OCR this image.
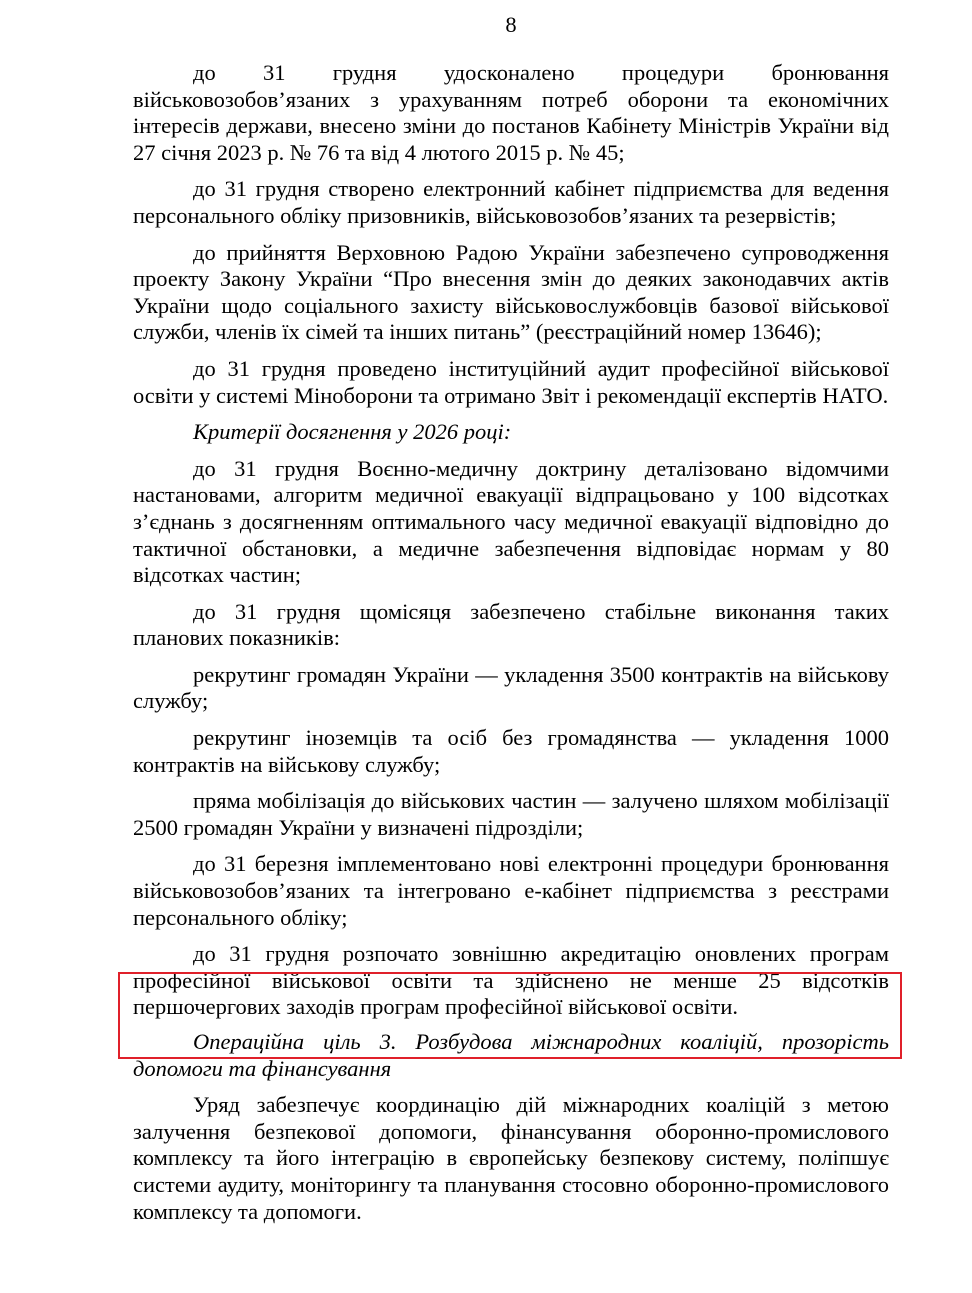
8

до 31 грудня удосконалено процедури бронювання військовозобов’язаних з урахуванням потреб оборони та економічних інтересів держави, внесено зміни до постанов Кабінету Міністрів України від 27 січня 2023 р. № 76 та від 4 лютого 2015 р. № 45;

до 31 грудня створено електронний кабінет підприємства для ведення персонального обліку призовників, військовозобов’язаних та резервістів;

до прийняття Верховною Радою України забезпечено супроводження проекту Закону України “Про внесення змін до деяких законодавчих актів України щодо соціального захисту військовослужбовців базової військової служби, членів їх сімей та інших питань” (реєстраційний номер 13646);

до 31 грудня проведено інституційний аудит професійної військової освіти у системі Міноборони та отримано Звіт і рекомендації експертів НАТО.

Критерії досягнення у 2026 році:

до 31 грудня Воєнно-медичну доктрину деталізовано відомчими настановами, алгоритм медичної евакуації відпрацьовано у 100 відсотках з’єднань з досягненням оптимального часу медичної евакуації відповідно до тактичної обстановки, а медичне забезпечення відповідає нормам у 80 відсотках частин;

до 31 грудня щомісяця забезпечено стабільне виконання таких планових показників:

рекрутинг громадян України — укладення 3500 контрактів на військову службу;

рекрутинг іноземців та осіб без громадянства — укладення 1000 контрактів на військову службу;

пряма мобілізація до військових частин — залучено шляхом мобілізації 2500 громадян України у визначені підрозділи;

до 31 березня імплементовано нові електронні процедури бронювання військовозобов’язаних та інтегровано е-кабінет підприємства з реєстрами персонального обліку;

до 31 грудня розпочато зовнішню акредитацію оновлених програм професійної військової освіти та здійснено не менше 25 відсотків першочергових заходів програм професійної військової освіти.

Операційна ціль 3. Розбудова міжнародних коаліцій, прозорість допомоги та фінансування

Уряд забезпечує координацію дій міжнародних коаліцій з метою залучення безпекової допомоги, фінансування оборонно-промислового комплексу та його інтеграцію в європейську безпекову систему, поліпшує системи аудиту, моніторингу та планування стосовно оборонно-промислового комплексу та допомоги.
